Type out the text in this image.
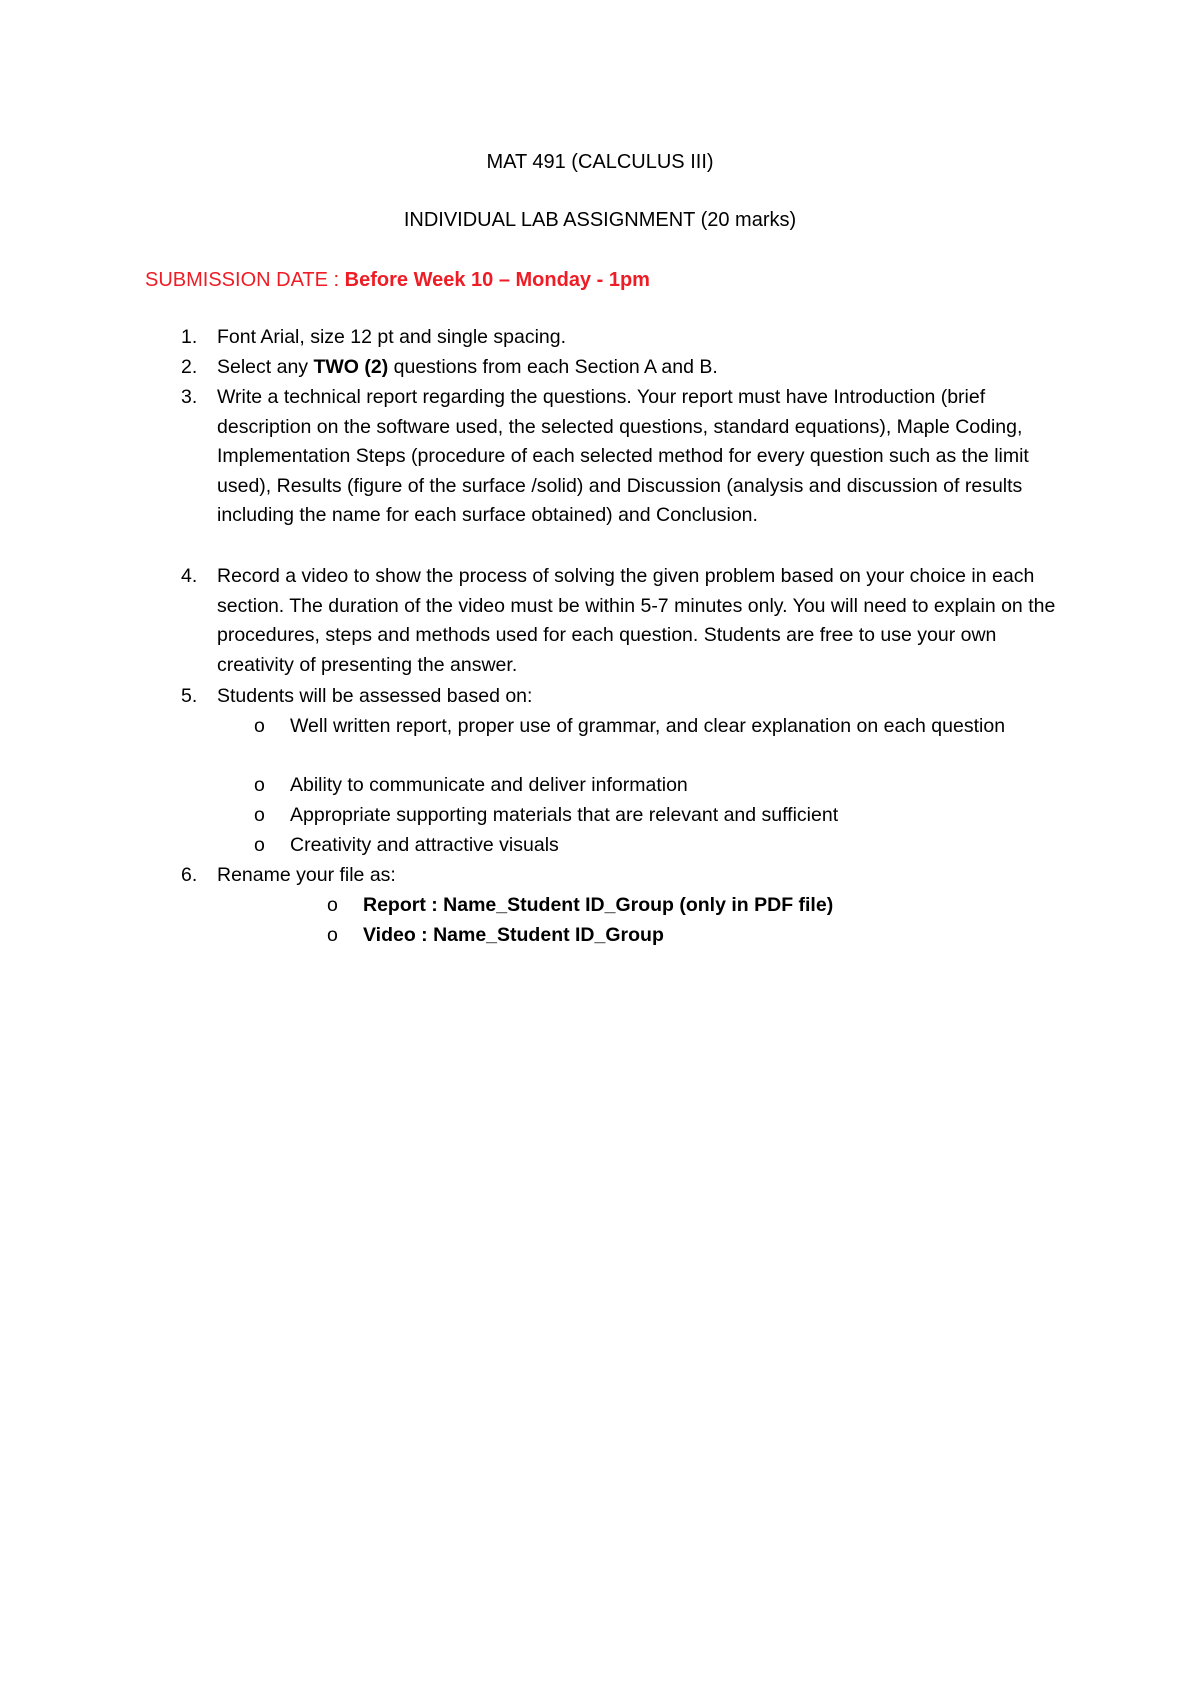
MAT 491 (CALCULUS III)
INDIVIDUAL LAB ASSIGNMENT (20 marks)
SUBMISSION DATE : Before Week 10 – Monday - 1pm
1.	Font Arial, size 12 pt and single spacing.
2.	Select any TWO (2) questions from each Section A and B.
3.	Write a technical report regarding the questions. Your report must have Introduction (brief description on the software used, the selected questions, standard equations), Maple Coding, Implementation Steps (procedure of each selected method for every question such as the limit used), Results (figure of the surface /solid) and Discussion (analysis and discussion of results including the name for each surface obtained) and Conclusion.
4.	Record a video to show the process of solving the given problem based on your choice in each section. The duration of the video must be within 5-7 minutes only. You will need to explain on the procedures, steps and methods used for each question. Students are free to use your own creativity of presenting the answer.
5.	Students will be assessed based on:
o	Well written report, proper use of grammar, and clear explanation on each question
o	Ability to communicate and deliver information
o	Appropriate supporting materials that are relevant and sufficient
o	Creativity and attractive visuals
6.	Rename your file as:
o	Report : Name_Student ID_Group (only in PDF file)
o	Video : Name_Student ID_Group
